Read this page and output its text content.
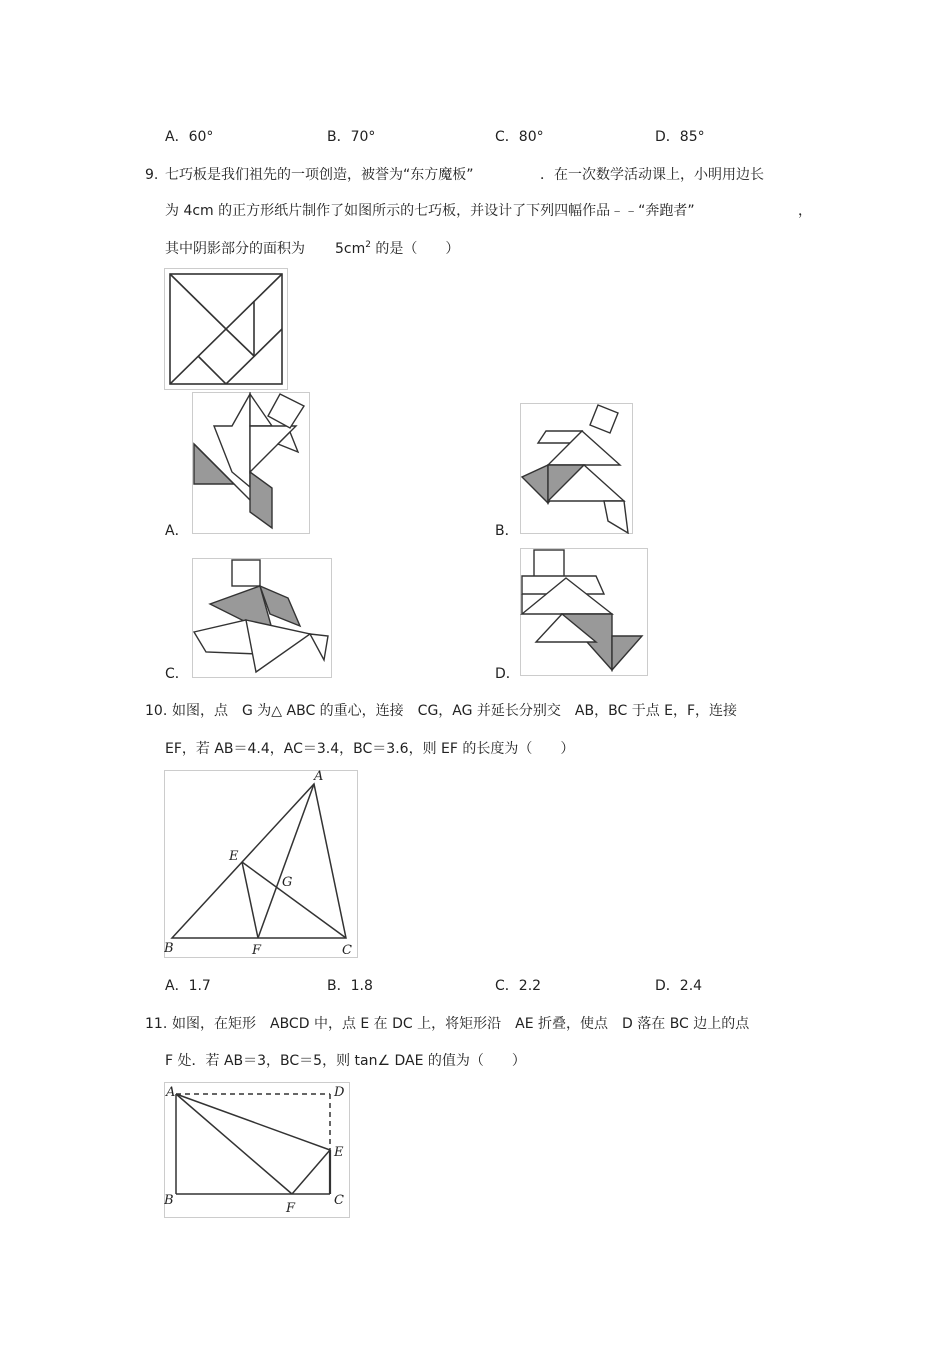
A．60°	B．70°	C．80°	D．85°
9. 七巧板是我们祖先的一项创造，被誉为“东方魔板”	．在一次数学活动课上，小明用边长
为 4cm 的正方形纸片制作了如图所示的七巧板，并设计了下列四幅作品﹣﹣“奔跑者”	，
其中阴影部分的面积为 $5cm^2$ 的是（　　）
A．	B．
C．	D．
10. 如图，点　G 为△ ABC 的重心，连接　CG，AG 并延长分别交　AB，BC 于点 E，F，连接
EF，若 AB＝4.4，AC＝3.4，BC＝3.6，则 EF 的长度为（　　）
A
B	C
E
F
G
A．1.7	B．1.8	C．2.2	D．2.4
11. 如图，在矩形　ABCD 中，点 E 在 DC 上，将矩形沿　AE 折叠，使点　D 落在 BC 边上的点
F 处．若 AB＝3，BC＝5，则 tan∠ DAE 的值为（　　）
A	D
E
B	C
F
